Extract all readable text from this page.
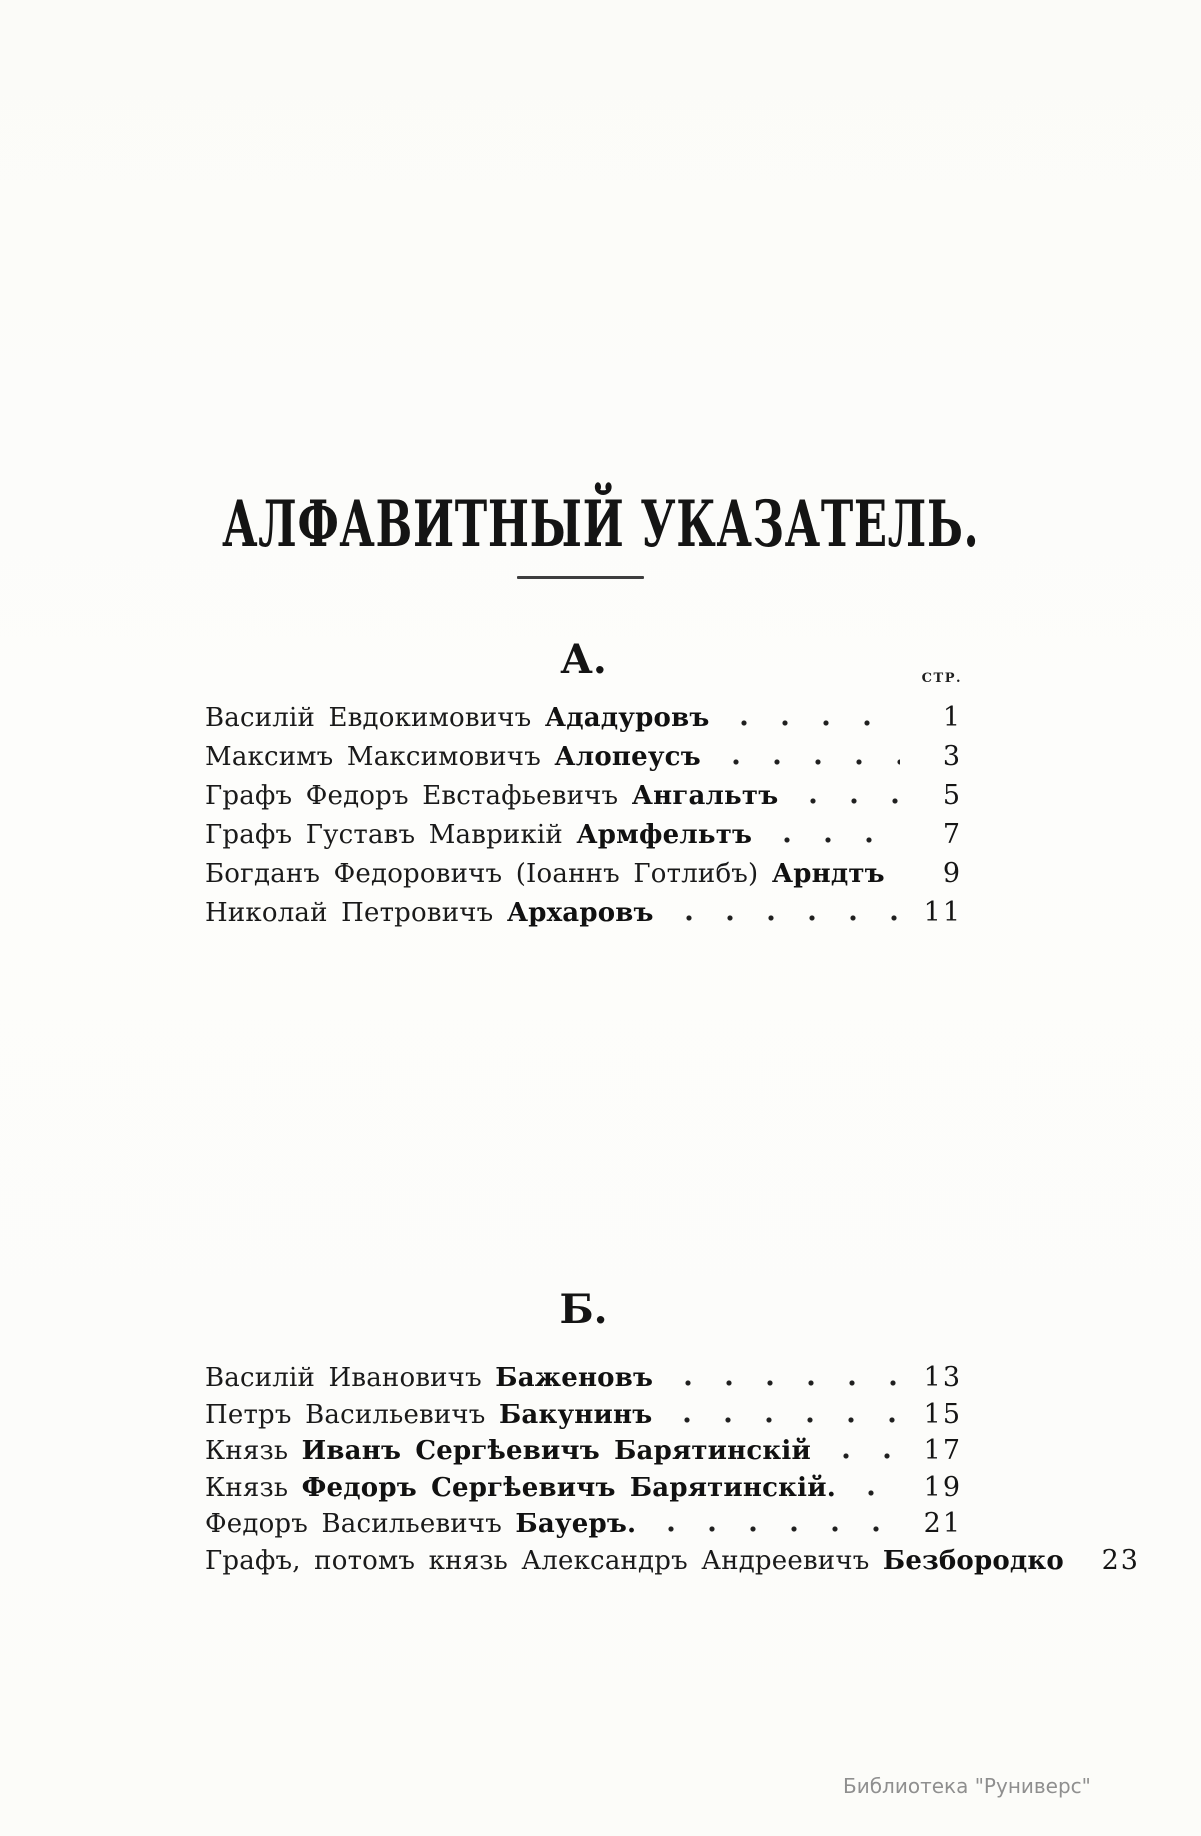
АЛФАВИТНЫЙ УКАЗАТЕЛЬ.
СТР.
А.
Василій Евдокимовичъ Ададуровъ	1
Максимъ Максимовичъ Алопеусъ	3
Графъ Федоръ Евстафьевичъ Ангальтъ	5
Графъ Густавъ Маврикій Армфельтъ	7
Богданъ Федоровичъ (Іоаннъ Готлибъ) Арндтъ	9
Николай Петровичъ Архаровъ	11
Б.
Василій Ивановичъ Баженовъ	13
Петръ Васильевичъ Бакунинъ	15
Князь Иванъ Сергѣевичъ Барятинскій	17
Князь Федоръ Сергѣевичъ Барятинскій.	19
Федоръ Васильевичъ Бауеръ.	21
Графъ, потомъ князь Александръ Андреевичъ Безбородко	23
Библиотека "Руниверс"
